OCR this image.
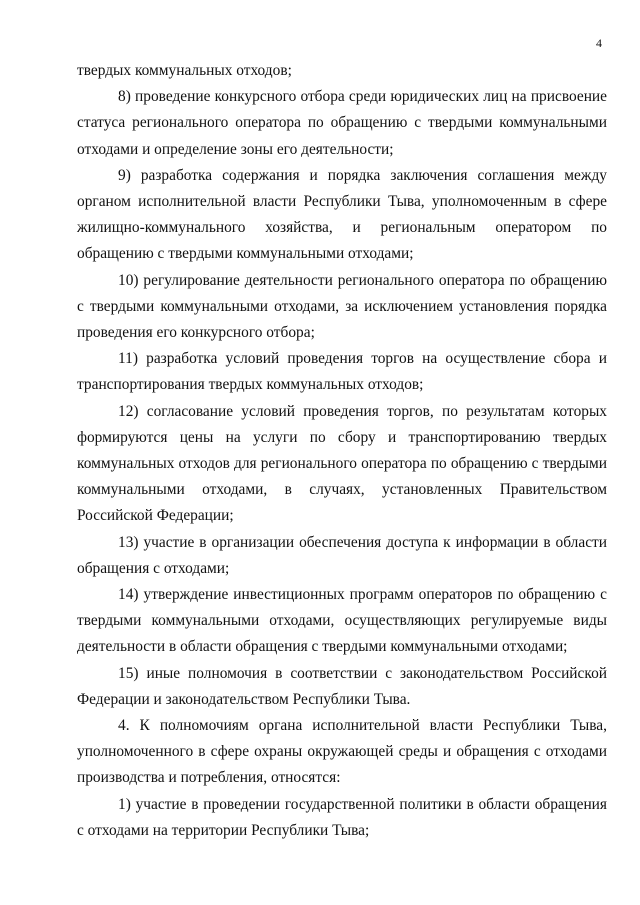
4

твердых коммунальных отходов;

8) проведение конкурсного отбора среди юридических лиц на присвоение статуса регионального оператора по обращению с твердыми коммунальными отходами и определение зоны его деятельности;

9) разработка содержания и порядка заключения соглашения между органом исполнительной власти Республики Тыва, уполномоченным в сфере жилищно-коммунального хозяйства, и региональным оператором по обращению с твердыми коммунальными отходами;

10) регулирование деятельности регионального оператора по обращению с твердыми коммунальными отходами, за исключением установления порядка проведения его конкурсного отбора;

11) разработка условий проведения торгов на осуществление сбора и транспортирования твердых коммунальных отходов;

12) согласование условий проведения торгов, по результатам которых формируются цены на услуги по сбору и транспортированию твердых коммунальных отходов для регионального оператора по обращению с твердыми коммунальными отходами, в случаях, установленных Правительством Российской Федерации;

13) участие в организации обеспечения доступа к информации в области обращения с отходами;

14) утверждение инвестиционных программ операторов по обращению с твердыми коммунальными отходами, осуществляющих регулируемые виды деятельности в области обращения с твердыми коммунальными отходами;

15) иные полномочия в соответствии с законодательством Российской Федерации и законодательством Республики Тыва.

4. К полномочиям органа исполнительной власти Республики Тыва, уполномоченного в сфере охраны окружающей среды и обращения с отходами производства и потребления, относятся:

1) участие в проведении государственной политики в области обращения с отходами на территории Республики Тыва;
